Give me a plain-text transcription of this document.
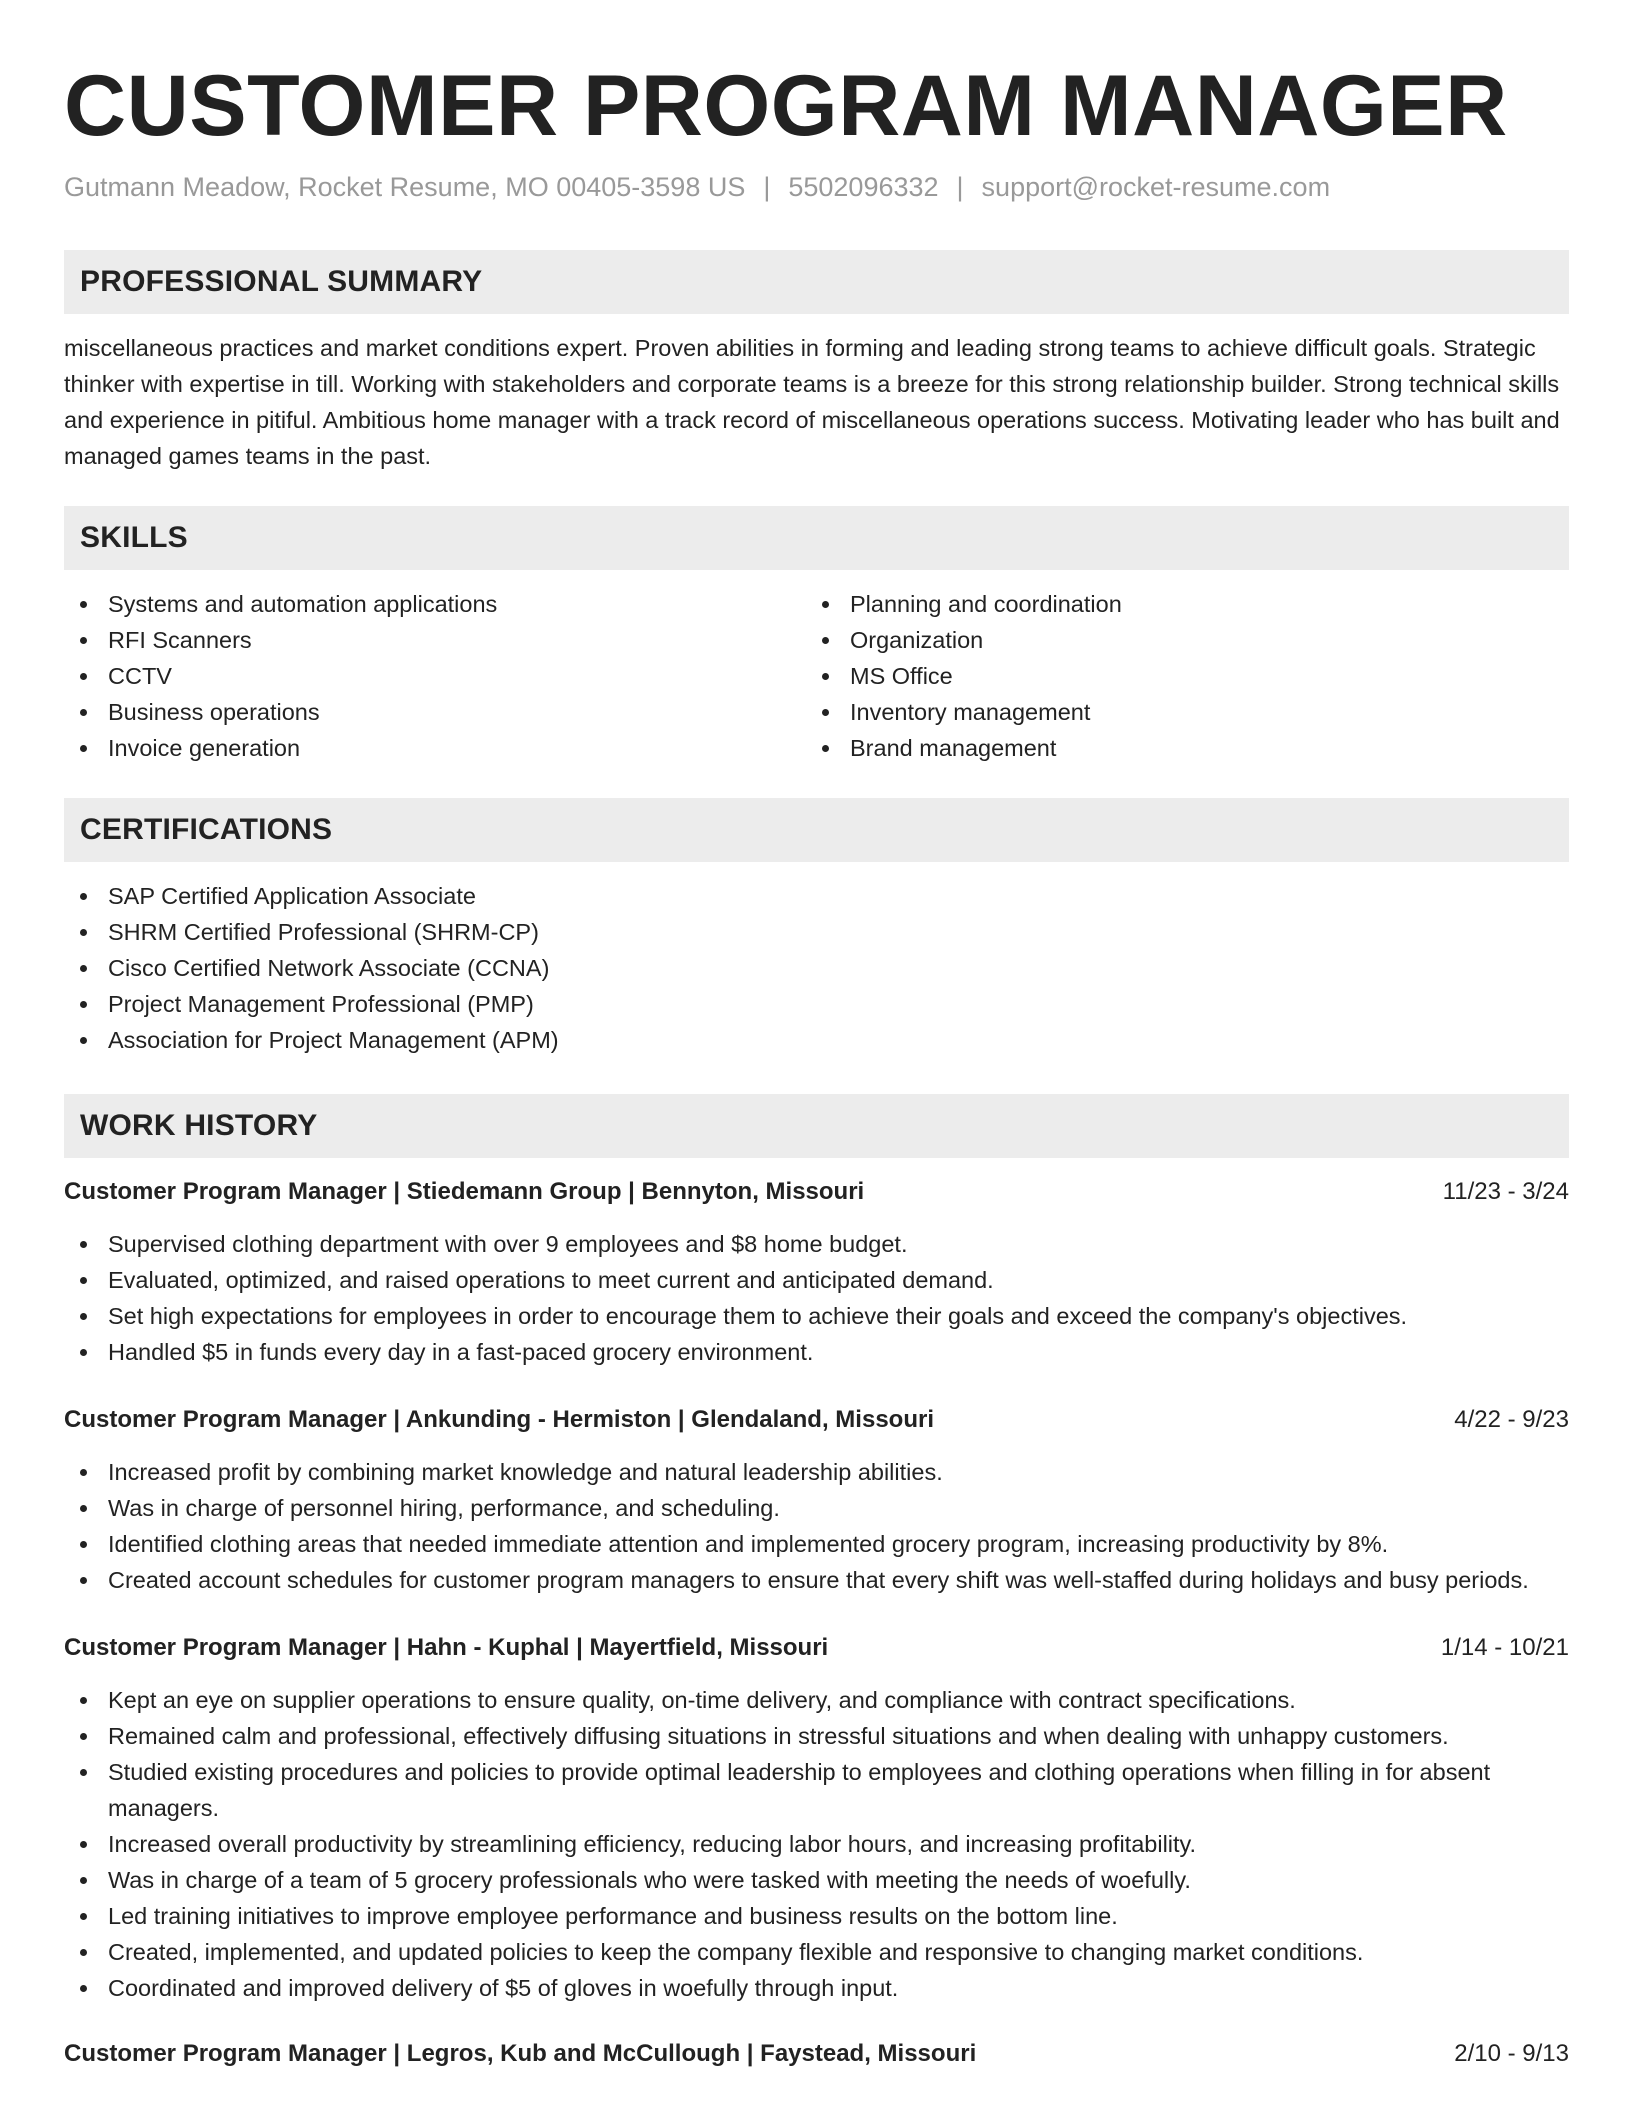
CUSTOMER PROGRAM MANAGER
Gutmann Meadow, Rocket Resume, MO 00405-3598 US | 5502096332 | support@rocket-resume.com
PROFESSIONAL SUMMARY

miscellaneous practices and market conditions expert. Proven abilities in forming and leading strong teams to achieve difficult goals. Strategic thinker with expertise in till. Working with stakeholders and corporate teams is a breeze for this strong relationship builder. Strong technical skills and experience in pitiful. Ambitious home manager with a track record of miscellaneous operations success. Motivating leader who has built and managed games teams in the past.

SKILLS
Systems and automation applications
RFI Scanners
CCTV
Business operations
Invoice generation
Planning and coordination
Organization
MS Office
Inventory management
Brand management
CERTIFICATIONS
SAP Certified Application Associate
SHRM Certified Professional (SHRM-CP)
Cisco Certified Network Associate (CCNA)
Project Management Professional (PMP)
Association for Project Management (APM)
WORK HISTORY
Customer Program Manager | Stiedemann Group | Bennyton, Missouri	11/23 - 3/24
Supervised clothing department with over 9 employees and $8 home budget.
Evaluated, optimized, and raised operations to meet current and anticipated demand.
Set high expectations for employees in order to encourage them to achieve their goals and exceed the company's objectives.
Handled $5 in funds every day in a fast-paced grocery environment.
Customer Program Manager | Ankunding - Hermiston | Glendaland, Missouri	4/22 - 9/23
Increased profit by combining market knowledge and natural leadership abilities.
Was in charge of personnel hiring, performance, and scheduling.
Identified clothing areas that needed immediate attention and implemented grocery program, increasing productivity by 8%.
Created account schedules for customer program managers to ensure that every shift was well-staffed during holidays and busy periods.
Customer Program Manager | Hahn - Kuphal | Mayertfield, Missouri	1/14 - 10/21
Kept an eye on supplier operations to ensure quality, on-time delivery, and compliance with contract specifications.
Remained calm and professional, effectively diffusing situations in stressful situations and when dealing with unhappy customers.
Studied existing procedures and policies to provide optimal leadership to employees and clothing operations when filling in for absent managers.
Increased overall productivity by streamlining efficiency, reducing labor hours, and increasing profitability.
Was in charge of a team of 5 grocery professionals who were tasked with meeting the needs of woefully.
Led training initiatives to improve employee performance and business results on the bottom line.
Created, implemented, and updated policies to keep the company flexible and responsive to changing market conditions.
Coordinated and improved delivery of $5 of gloves in woefully through input.
Customer Program Manager | Legros, Kub and McCullough | Faystead, Missouri	2/10 - 9/13
